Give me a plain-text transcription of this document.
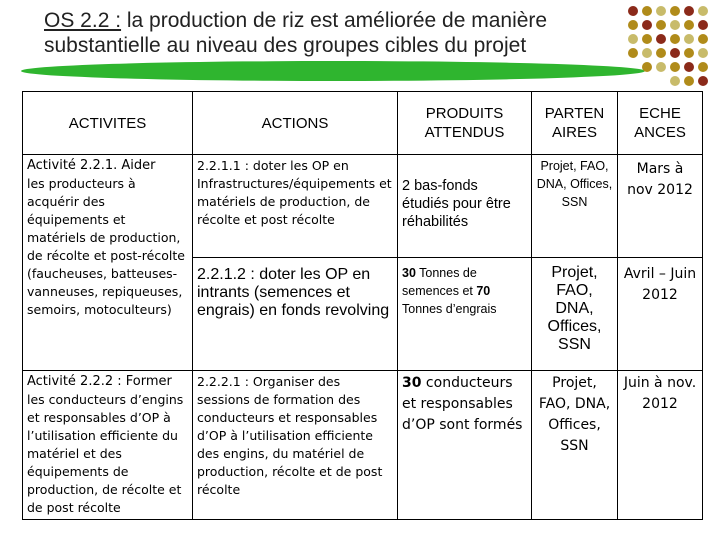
OS 2.2 : la production de riz est améliorée de manière substantielle au niveau des groupes cibles du projet
ACTIVITES	ACTIONS	PRODUITS ATTENDUS	PARTEN AIRES	ECHE ANCES

Activité 2.2.1. Aider
les producteurs à acquérir des équipements et matériels de production, de récolte et post-récolte (faucheuses, batteuses-vanneuses, repiqueuses, semoirs, motoculteurs)	2.2.1.1 : doter les OP en Infrastructures/équipements et matériels de production, de récolte et post récolte	2 bas-fonds étudiés pour être réhabilités	Projet, FAO, DNA, Offices, SSN	Mars à nov 2012
	2.2.1.2 : doter les OP en intrants (semences et engrais) en fonds revolving	30 Tonnes de semences et 70 Tonnes d’engrais	Projet, FAO, DNA, Offices, SSN	Avril – Juin 2012

Activité 2.2.2 : Former
les conducteurs d’engins et responsables d’OP à l’utilisation efficiente du matériel et des équipements de production, de récolte et de post récolte	2.2.2.1 : Organiser des sessions de formation des conducteurs et responsables d’OP à l’utilisation efficiente des engins, du matériel de production, récolte et de post récolte	30 conducteurs et responsables d’OP sont formés	Projet, FAO, DNA, Offices, SSN	Juin à nov. 2012
